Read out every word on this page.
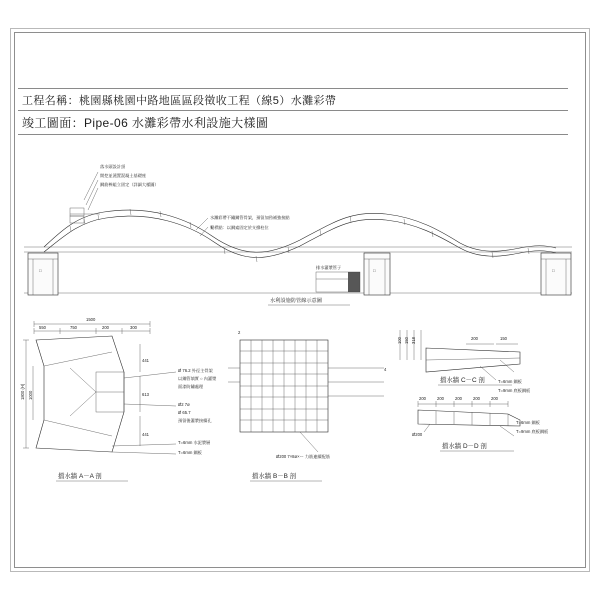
工程名稱：桃園縣桃園中路地區區段徵收工程（線5）水灘彩帶
竣工圖面：Pipe-06 水灘彩帶水利設施大樣圖
□	□	□
落水頭設計頂
開挖並澆置混凝土基礎座
鋼筋棒組立固定（詳細大樣圖）
水灘彩帶不鏽鋼管骨架，預留加勁補強接點
繫桿點：以鋼索固定於支撐柱位
排水灌漿管子
水利設施防管線示意圖
1500
550	750	200	300
1800 (H) 1000
441
613
441
Ø 76.2 外徑主骨架
以鋼管填實 ○ 內灌漿
面漆防鏽處理
Ø2 7ø
Ø 65.7
預留後灌漿接續孔
T=6mm 水泥漿層
T=6mm 鋼板
擋水牆 A－A 剖
2
4
Ø200 7×8ø×ー 力筋連續配筋
擋水牆 B－B 剖
100 150 318	200	150
T=6mm 鋼板
T=9mm 底板鋼板
擋水牆 C－C 剖
200	200	200	200	200
T=6mm 鋼板
T=9mm 底板鋼板
Ø200
擋水牆 D－D 剖
